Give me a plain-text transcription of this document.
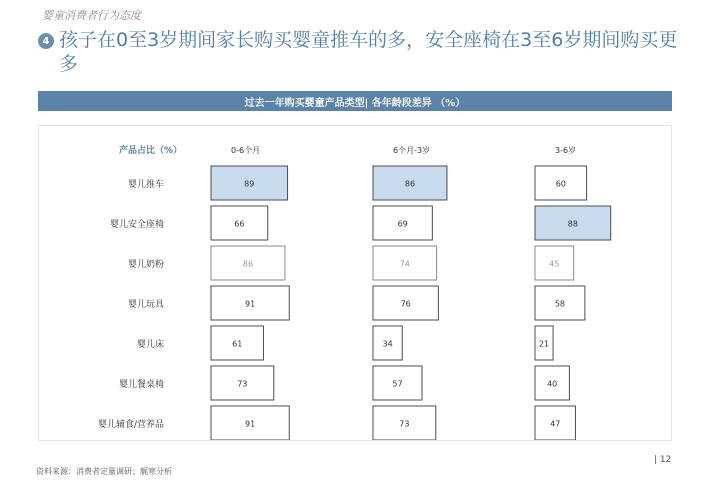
婴童消费者行为态度
4 孩子在0至3岁期间家长购买婴童推车的多，安全座椅在3至6岁期间购买更多
过去一年购买婴童产品类型| 各年龄段差异 （%）
产品占比（%）	0-6个月	6个月-3岁	3-6岁
婴儿推车	89	86	60
婴儿安全座椅	66	69	88
婴儿奶粉	86	74	45
婴儿玩具	91	76	58
婴儿床	61	34	21
婴儿餐桌椅	73	57	40
婴儿辅食/营养品	91	73	47
资料来源：消费者定量调研；艉寒分析
| 12
